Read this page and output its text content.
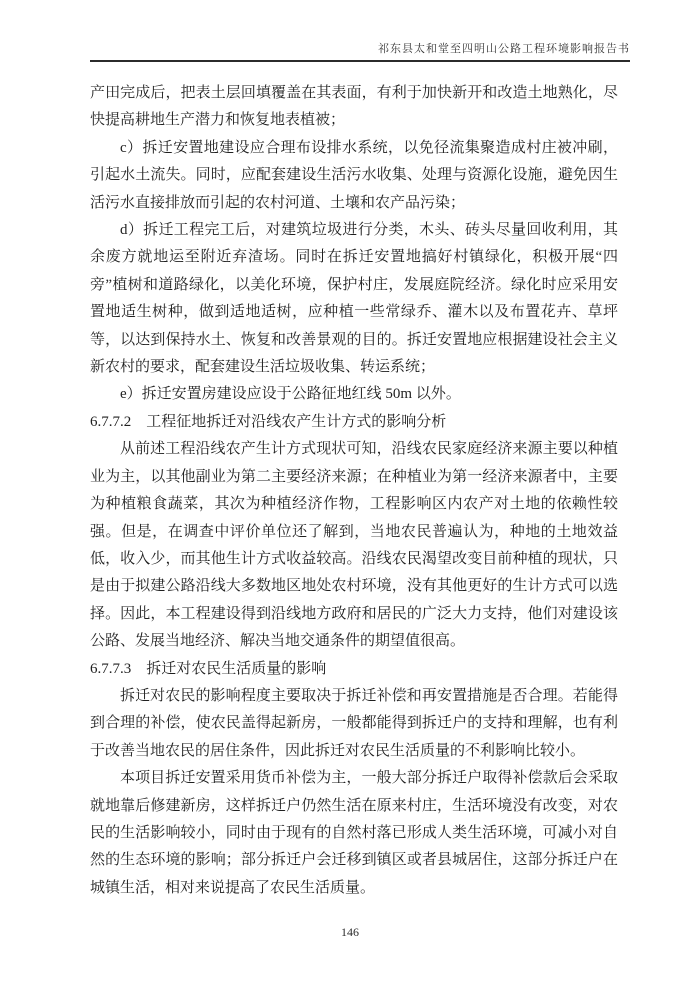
祁东县太和堂至四明山公路工程环境影响报告书

产田完成后，把表土层回填覆盖在其表面，有利于加快新开和改造土地熟化，尽快提高耕地生产潜力和恢复地表植被；

c）拆迁安置地建设应合理布设排水系统，以免径流集聚造成村庄被冲刷，引起水土流失。同时，应配套建设生活污水收集、处理与资源化设施，避免因生活污水直接排放而引起的农村河道、土壤和农产品污染；

d）拆迁工程完工后，对建筑垃圾进行分类，木头、砖头尽量回收利用，其余废方就地运至附近弃渣场。同时在拆迁安置地搞好村镇绿化，积极开展“四旁”植树和道路绿化，以美化环境，保护村庄，发展庭院经济。绿化时应采用安置地适生树种，做到适地适树，应种植一些常绿乔、灌木以及布置花卉、草坪等，以达到保持水土、恢复和改善景观的目的。拆迁安置地应根据建设社会主义新农村的要求，配套建设生活垃圾收集、转运系统；

e）拆迁安置房建设应设于公路征地红线 50m 以外。

6.7.7.2　工程征地拆迁对沿线农产生计方式的影响分析

从前述工程沿线农产生计方式现状可知，沿线农民家庭经济来源主要以种植业为主，以其他副业为第二主要经济来源；在种植业为第一经济来源者中，主要为种植粮食蔬菜，其次为种植经济作物，工程影响区内农产对土地的依赖性较强。但是，在调查中评价单位还了解到，当地农民普遍认为，种地的土地效益低，收入少，而其他生计方式收益较高。沿线农民渴望改变目前种植的现状，只是由于拟建公路沿线大多数地区地处农村环境，没有其他更好的生计方式可以选择。因此，本工程建设得到沿线地方政府和居民的广泛大力支持，他们对建设该公路、发展当地经济、解决当地交通条件的期望值很高。

6.7.7.3　拆迁对农民生活质量的影响

拆迁对农民的影响程度主要取决于拆迁补偿和再安置措施是否合理。若能得到合理的补偿，使农民盖得起新房，一般都能得到拆迁户的支持和理解，也有利于改善当地农民的居住条件，因此拆迁对农民生活质量的不利影响比较小。

本项目拆迁安置采用货币补偿为主，一般大部分拆迁户取得补偿款后会采取就地靠后修建新房，这样拆迁户仍然生活在原来村庄，生活环境没有改变，对农民的生活影响较小，同时由于现有的自然村落已形成人类生活环境，可减小对自然的生态环境的影响；部分拆迁户会迁移到镇区或者县城居住，这部分拆迁户在城镇生活，相对来说提高了农民生活质量。

146
